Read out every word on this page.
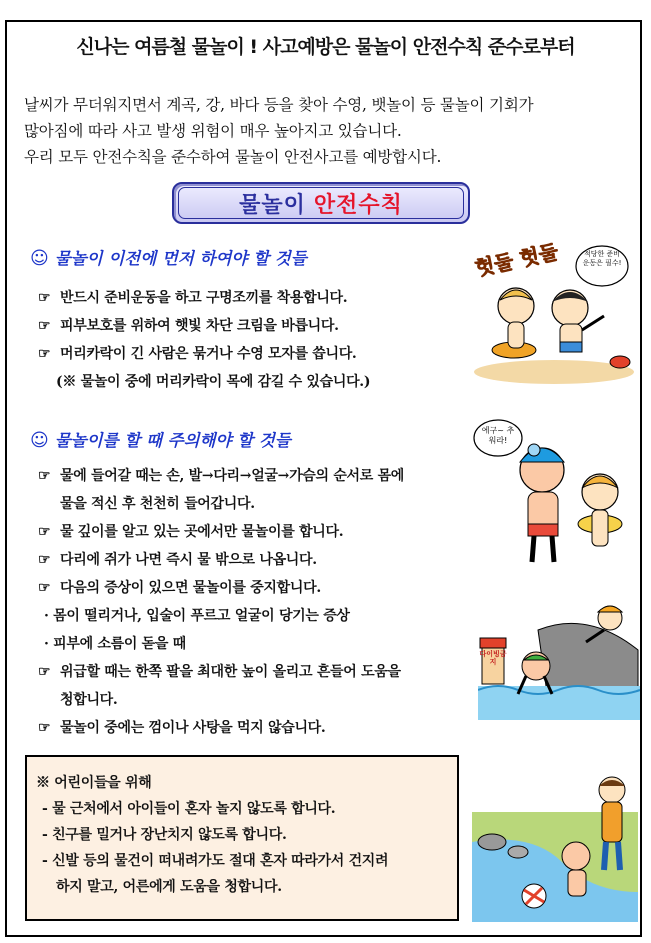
신나는 여름철 물놀이 ! 사고예방은 물놀이 안전수칙 준수로부터
날씨가 무더워지면서 계곡, 강, 바다 등을 찾아 수영, 뱃놀이 등 물놀이 기회가
많아짐에 따라 사고 발생 위험이 매우 높아지고 있습니다.
우리 모두 안전수칙을 준수하여 물놀이 안전사고를 예방합시다.
물놀이 안전수칙
☺ 물놀이 이전에 먼저 하여야 할 것들
☞ 반드시 준비운동을 하고 구명조끼를 착용합니다.
☞ 피부보호를 위하여 햇빛 차단 크림을 바릅니다.
☞ 머리카락이 긴 사람은 묶거나 수영 모자를 씁니다.
(※ 물놀이 중에 머리카락이 목에 감길 수 있습니다.)
☺ 물놀이를 할 때 주의해야 할 것들
☞ 물에 들어갈 때는 손, 발→다리→얼굴→가슴의 순서로 몸에
물을 적신 후 천천히 들어갑니다.
☞ 물 깊이를 알고 있는 곳에서만 물놀이를 합니다.
☞ 다리에 쥐가 나면 즉시 물 밖으로 나옵니다.
☞ 다음의 증상이 있으면 물놀이를 중지합니다.
· 몸이 떨리거나, 입술이 푸르고 얼굴이 당기는 증상
· 피부에 소름이 돋을 때
☞ 위급할 때는 한쪽 팔을 최대한 높이 올리고 흔들어 도움을
청합니다.
☞ 물놀이 중에는 껌이나 사탕을 먹지 않습니다.
※ 어린이들을 위해
- 물 근처에서 아이들이 혼자 놀지 않도록 합니다.
- 친구를 밀거나 장난치지 않도록 합니다.
- 신발 등의 물건이 떠내려가도 절대 혼자 따라가서 건지려
하지 말고, 어른에게 도움을 청합니다.
헛둘 헛둘	적당한 준비 운동은 필수!
에구~ 추워라!
다이빙금지
